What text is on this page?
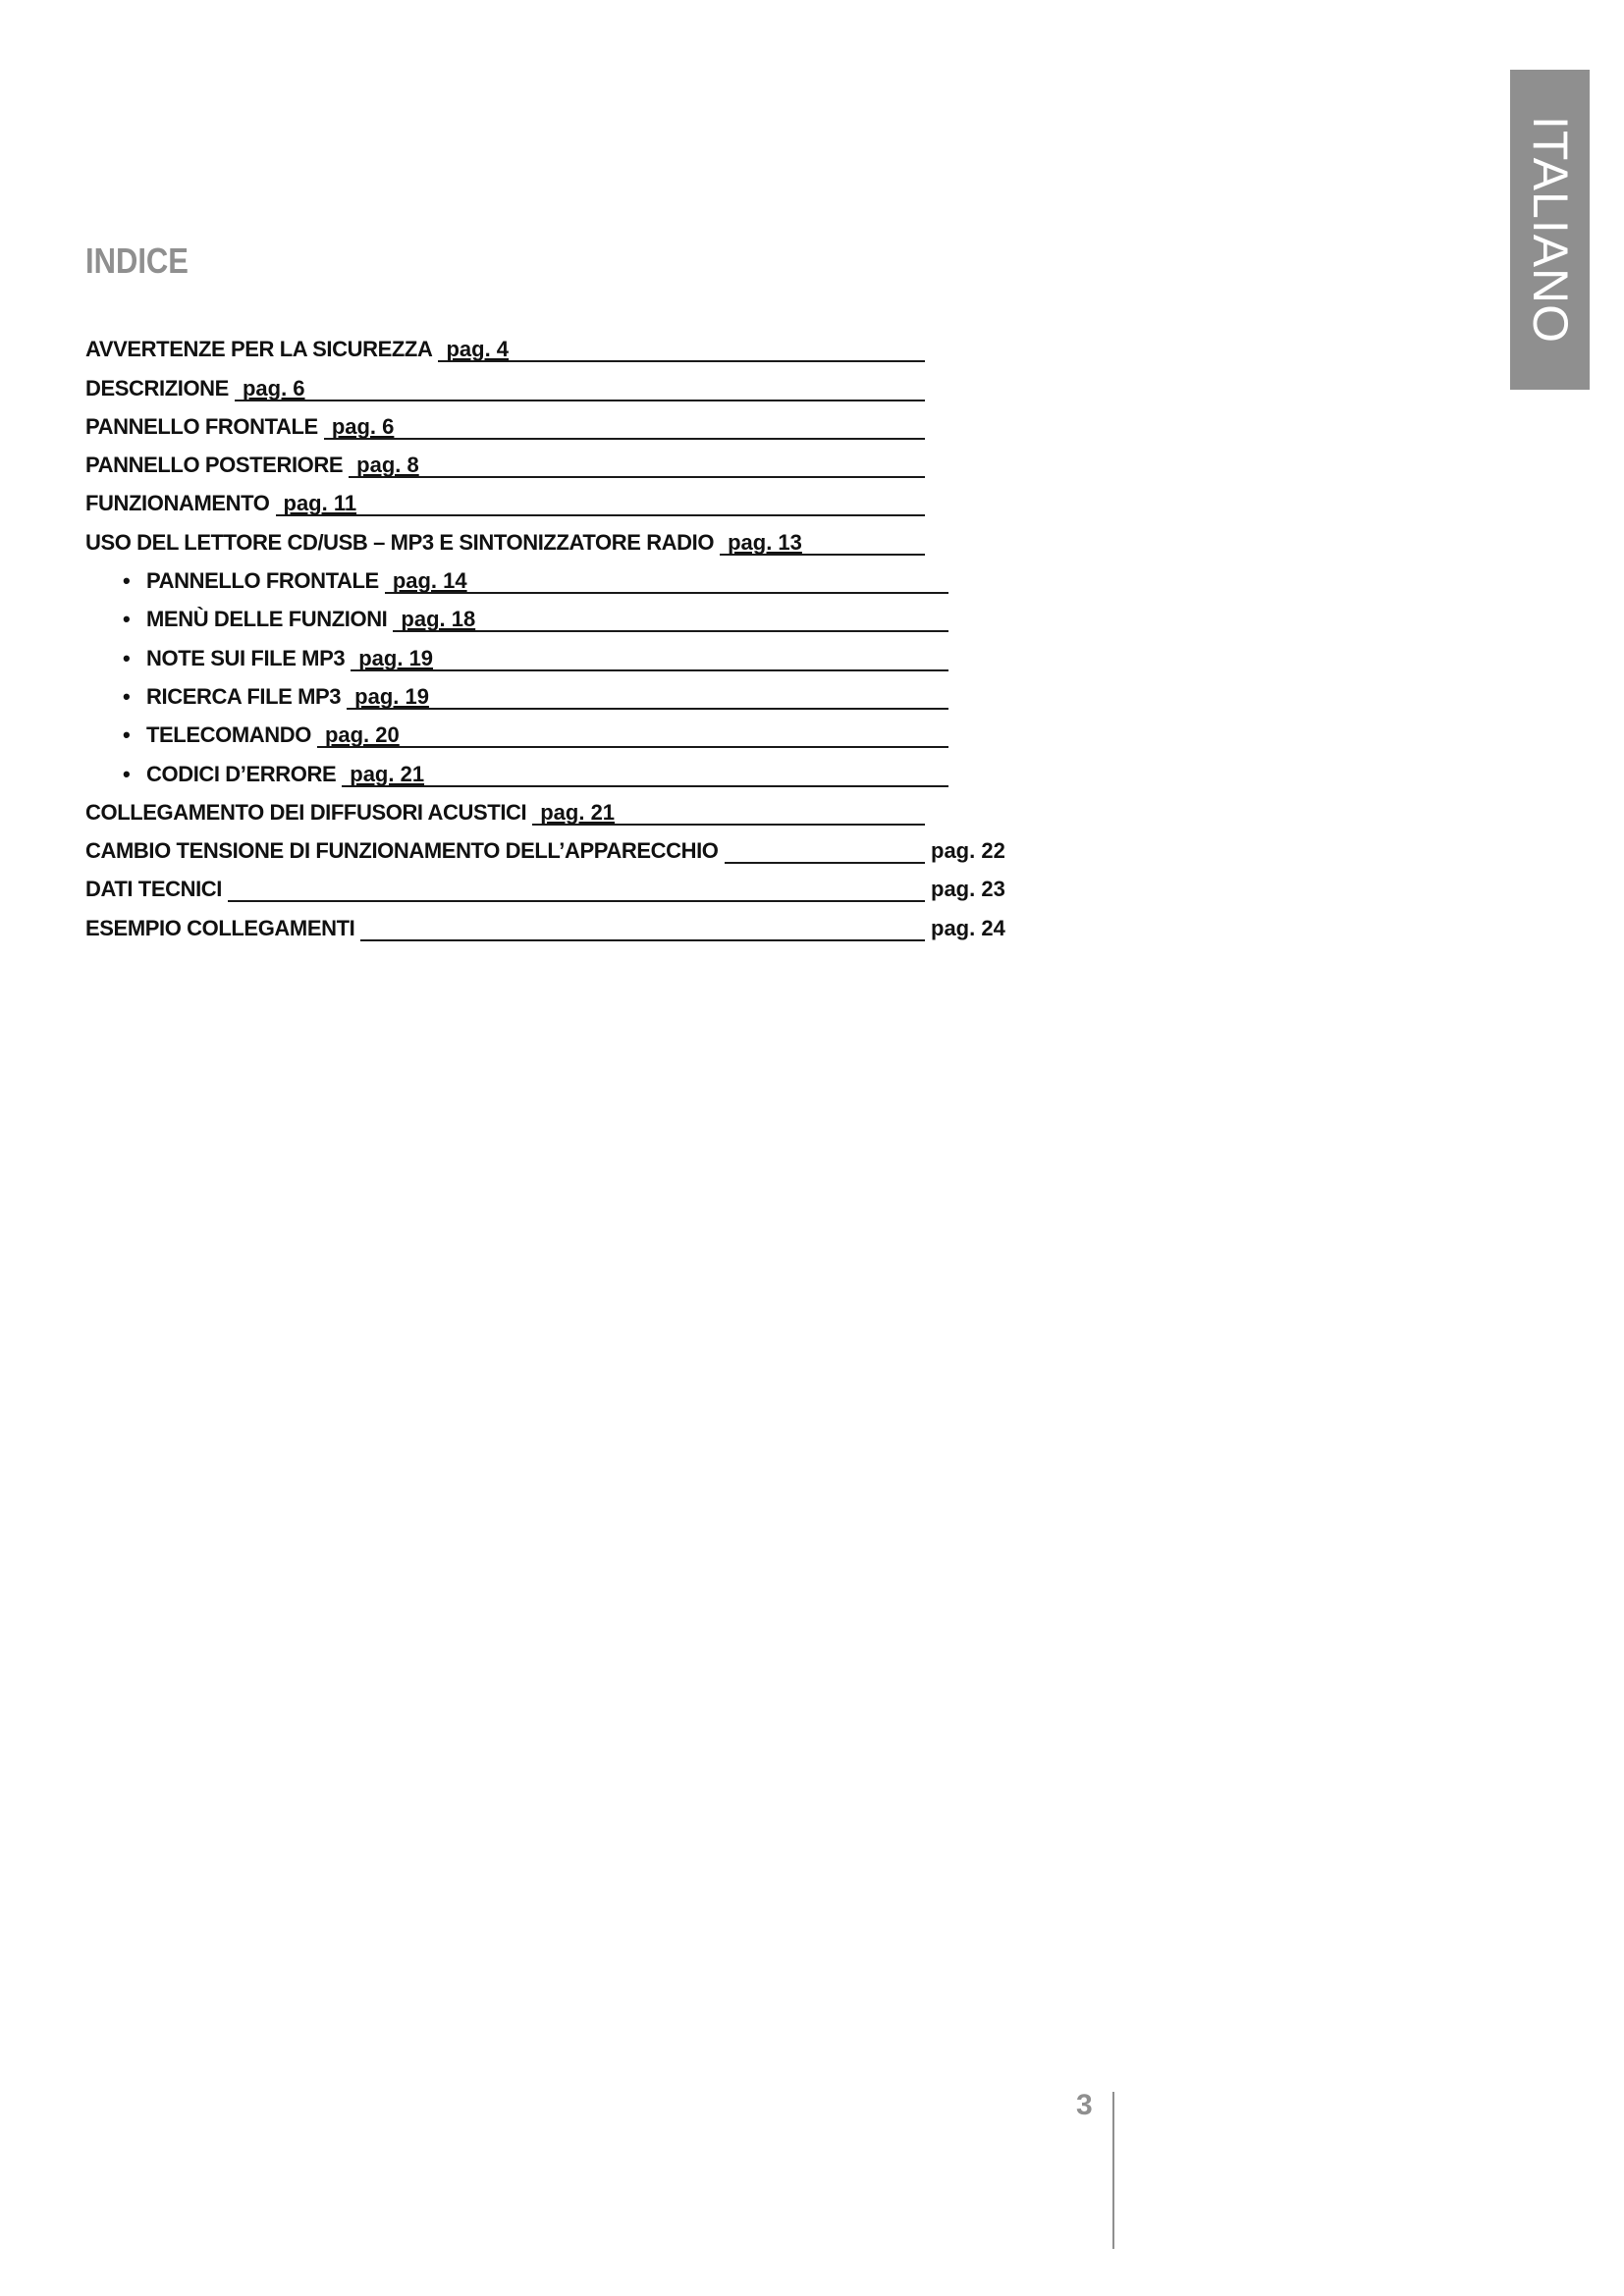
INDICE
AVVERTENZE PER LA SICUREZZA pag. 4
DESCRIZIONE pag. 6
PANNELLO FRONTALE pag. 6
PANNELLO POSTERIORE pag. 8
FUNZIONAMENTO pag. 11
USO DEL LETTORE CD/USB – MP3 E SINTONIZZATORE RADIO pag. 13
• PANNELLO FRONTALE pag. 14
• MENÙ DELLE FUNZIONI pag. 18
• NOTE SUI FILE MP3 pag. 19
• RICERCA FILE MP3 pag. 19
• TELECOMANDO pag. 20
• CODICI D’ERRORE pag. 21
COLLEGAMENTO DEI DIFFUSORI ACUSTICI pag. 21
CAMBIO TENSIONE DI FUNZIONAMENTO DELL’APPARECCHIO	pag. 22
DATI TECNICI	pag. 23
ESEMPIO COLLEGAMENTI	pag. 24
ITALIANO
3
